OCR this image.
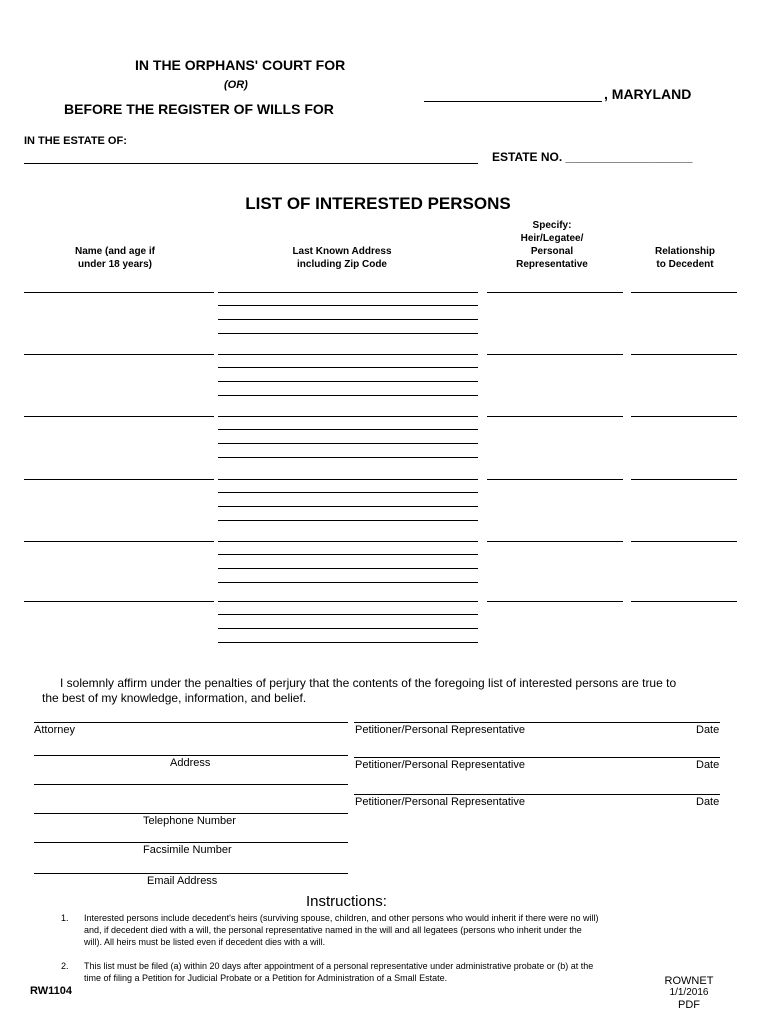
IN THE ORPHANS' COURT FOR
(OR)
BEFORE THE REGISTER OF WILLS FOR
, MARYLAND
IN THE ESTATE OF:
ESTATE NO. ___________________
LIST OF INTERESTED PERSONS
Name (and age if
under 18 years)
Last Known Address
including Zip Code
Specify:
Heir/Legatee/
Personal
Representative
Relationship
to Decedent
I solemnly affirm under the penalties of perjury that the contents of the foregoing list of interested persons are true to
the best of my knowledge, information, and belief.
Attorney
Address
Telephone Number
Facsimile Number
Email Address
Petitioner/Personal Representative	Date
Petitioner/Personal Representative	Date
Petitioner/Personal Representative	Date
Instructions:
1. Interested persons include decedent's heirs (surviving spouse, children, and other persons who would inherit if there were no will)
and, if decedent died with a will, the personal representative named in the will and all legatees (persons who inherit under the
will). All heirs must be listed even if decedent dies with a will.
2. This list must be filed (a) within 20 days after appointment of a personal representative under administrative probate or (b) at the
time of filing a Petition for Judicial Probate or a Petition for Administration of a Small Estate.
RW1104
ROWNET
1/1/2016
PDF
